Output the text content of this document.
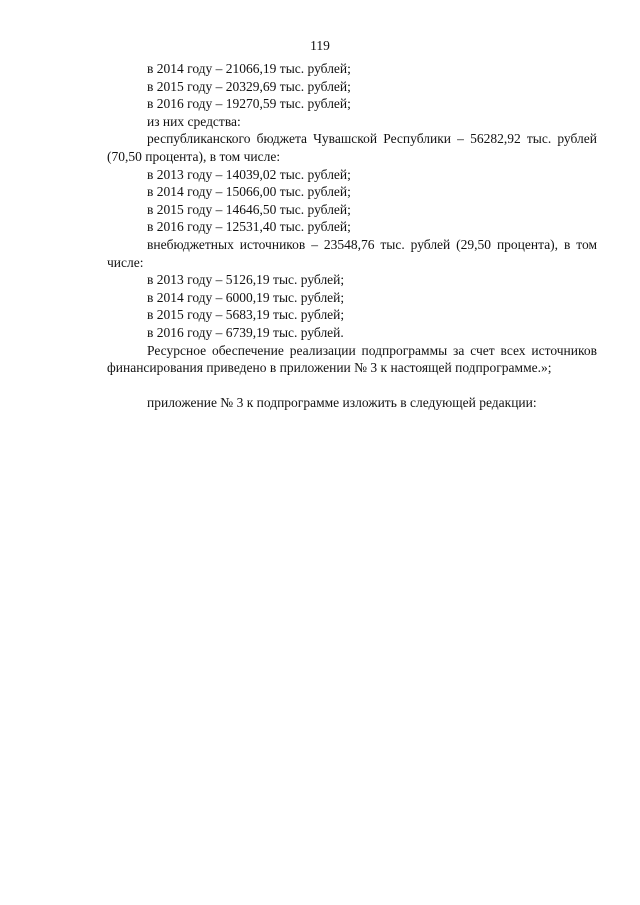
119

в 2014 году – 21066,19 тыс. рублей;

в 2015 году – 20329,69 тыс. рублей;

в 2016 году – 19270,59 тыс. рублей;

из них средства:

республиканского бюджета Чувашской Республики – 56282,92 тыс. рублей (70,50 процента), в том числе:

в 2013 году – 14039,02 тыс. рублей;

в 2014 году – 15066,00 тыс. рублей;

в 2015 году – 14646,50 тыс. рублей;

в 2016 году – 12531,40 тыс. рублей;

внебюджетных источников – 23548,76 тыс. рублей (29,50 процента), в том числе:

в 2013 году – 5126,19 тыс. рублей;

в 2014 году – 6000,19 тыс. рублей;

в 2015 году – 5683,19 тыс. рублей;

в 2016 году – 6739,19 тыс. рублей.

Ресурсное обеспечение реализации подпрограммы за счет всех источников финансирования приведено в приложении № 3 к настоящей подпрограмме.»;

приложение № 3 к подпрограмме изложить в следующей редакции:
